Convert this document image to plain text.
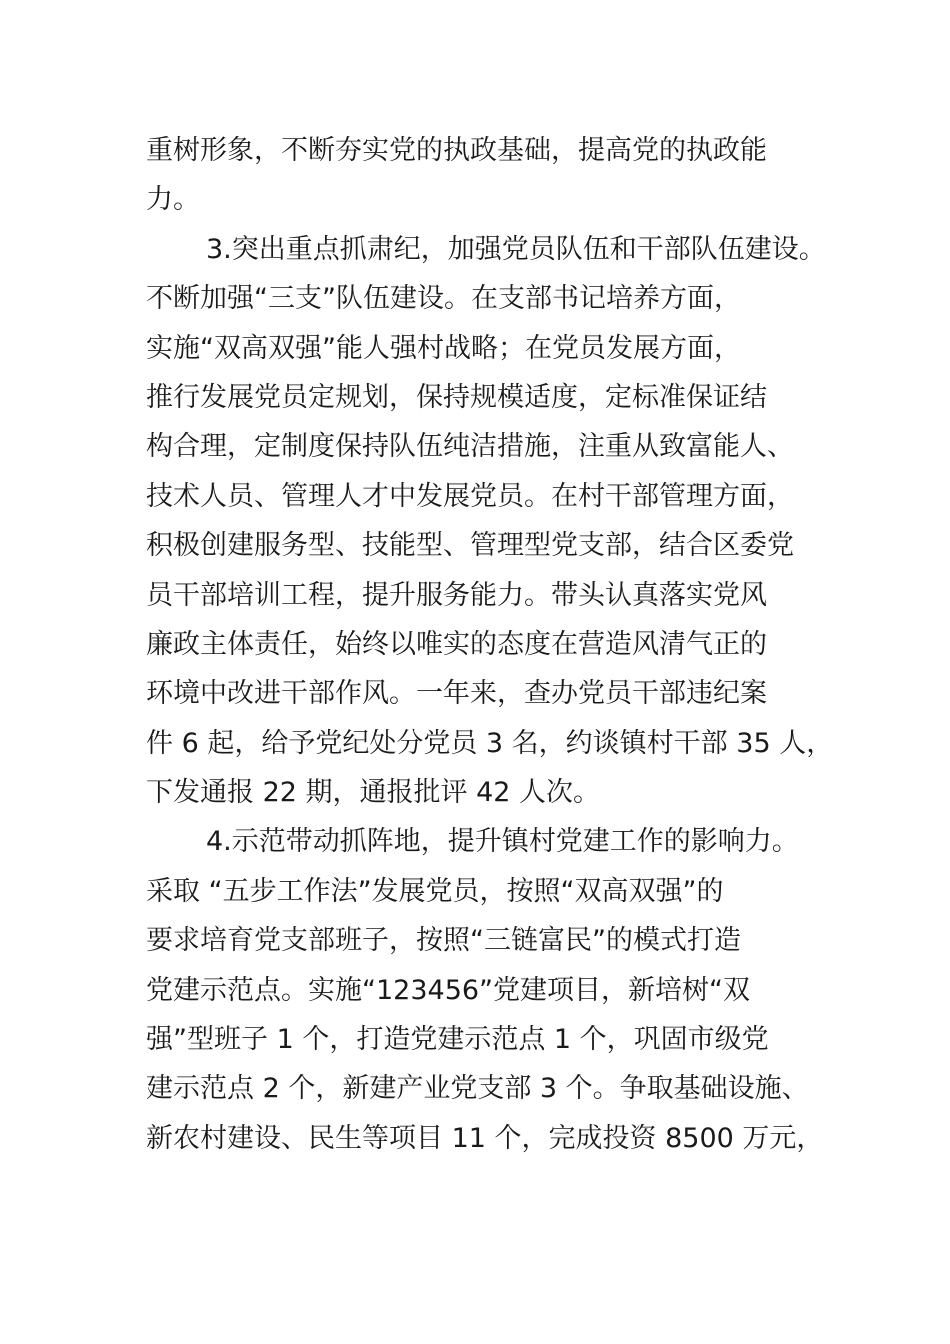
重树形象，不断夯实党的执政基础，提高党的执政能
力。

3.突出重点抓肃纪，加强党员队伍和干部队伍建设。
不断加强“三支”队伍建设。在支部书记培养方面，
实施“双高双强”能人强村战略；在党员发展方面，
推行发展党员定规划，保持规模适度，定标准保证结
构合理，定制度保持队伍纯洁措施，注重从致富能人、
技术人员、管理人才中发展党员。在村干部管理方面，
积极创建服务型、技能型、管理型党支部，结合区委党
员干部培训工程，提升服务能力。带头认真落实党风
廉政主体责任，始终以唯实的态度在营造风清气正的
环境中改进干部作风。一年来，查办党员干部违纪案
件 6 起，给予党纪处分党员 3 名，约谈镇村干部 35 人，
下发通报 22 期，通报批评 42 人次。

4.示范带动抓阵地，提升镇村党建工作的影响力。
采取 “五步工作法”发展党员，按照“双高双强”的
要求培育党支部班子，按照“三链富民”的模式打造
党建示范点。实施“123456”党建项目，新培树“双
强”型班子 1 个，打造党建示范点 1 个，巩固市级党
建示范点 2 个，新建产业党支部 3 个。争取基础设施、
新农村建设、民生等项目 11 个，完成投资 8500 万元，
